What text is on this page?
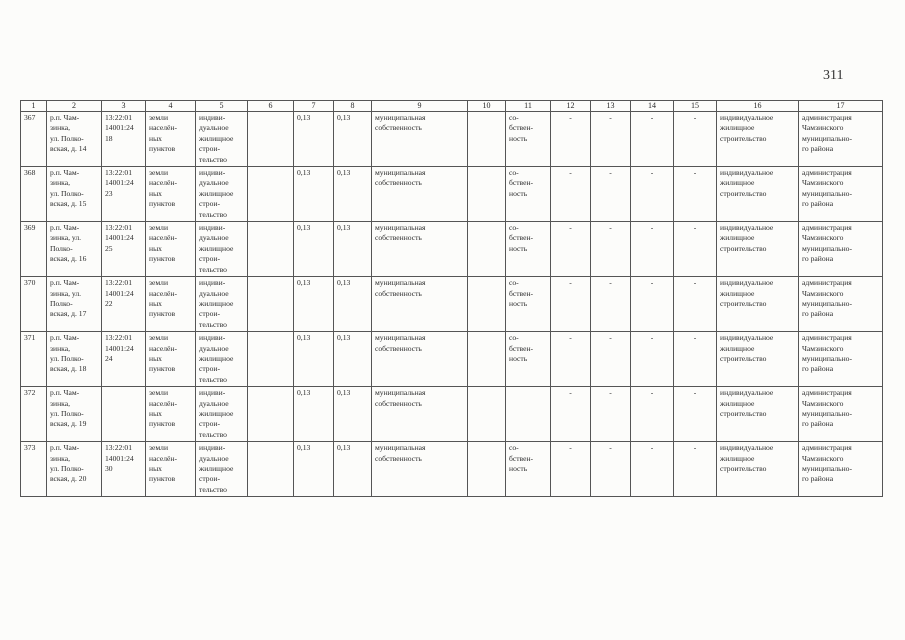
311
1	2	3	4	5	6	7	8	9	10	11	12	13	14	15	16	17
367	р.п. Чам-
зинка,
ул. Полко-
вская, д. 14	13:22:01
14001:24
18	земли
населён-
ных
пунктов	индиви-
дуальное
жилищное
строи-
тельство		0,13	0,13	муниципальная
собственность		со-
бствен-
ность	-	-	-	-	индивидуальное
жилищное
строительство	администрация
Чамзинского
муниципально-
го района
368	р.п. Чам-
зинка,
ул. Полко-
вская, д. 15	13:22:01
14001:24
23	земли
населён-
ных
пунктов	индиви-
дуальное
жилищное
строи-
тельство		0,13	0,13	муниципальная
собственность		со-
бствен-
ность	-	-	-	-	индивидуальное
жилищное
строительство	администрация
Чамзинского
муниципально-
го района
369	р.п. Чам-
зинка, ул.
Полко-
вская, д. 16	13:22:01
14001:24
25	земли
населён-
ных
пунктов	индиви-
дуальное
жилищное
строи-
тельство		0,13	0,13	муниципальная
собственность		со-
бствен-
ность	-	-	-	-	индивидуальное
жилищное
строительство	администрация
Чамзинского
муниципально-
го района
370	р.п. Чам-
зинка, ул.
Полко-
вская, д. 17	13:22:01
14001:24
22	земли
населён-
ных
пунктов	индиви-
дуальное
жилищное
строи-
тельство		0,13	0,13	муниципальная
собственность		со-
бствен-
ность	-	-	-	-	индивидуальное
жилищное
строительство	администрация
Чамзинского
муниципально-
го района
371	р.п. Чам-
зинка,
ул. Полко-
вская, д. 18	13:22:01
14001:24
24	земли
населён-
ных
пунктов	индиви-
дуальное
жилищное
строи-
тельство		0,13	0,13	муниципальная
собственность		со-
бствен-
ность	-	-	-	-	индивидуальное
жилищное
строительство	администрация
Чамзинского
муниципально-
го района
372	р.п. Чам-
зинка,
ул. Полко-
вская, д. 19		земли
населён-
ных
пунктов	индиви-
дуальное
жилищное
строи-
тельство		0,13	0,13	муниципальная
собственность			-	-	-	-	индивидуальное
жилищное
строительство	администрация
Чамзинского
муниципально-
го района
373	р.п. Чам-
зинка,
ул. Полко-
вская, д. 20	13:22:01
14001:24
30	земли
населён-
ных
пунктов	индиви-
дуальное
жилищное
строи-
тельство		0,13	0,13	муниципальная
собственность		со-
бствен-
ность	-	-	-	-	индивидуальное
жилищное
строительство	администрация
Чамзинского
муниципально-
го района
